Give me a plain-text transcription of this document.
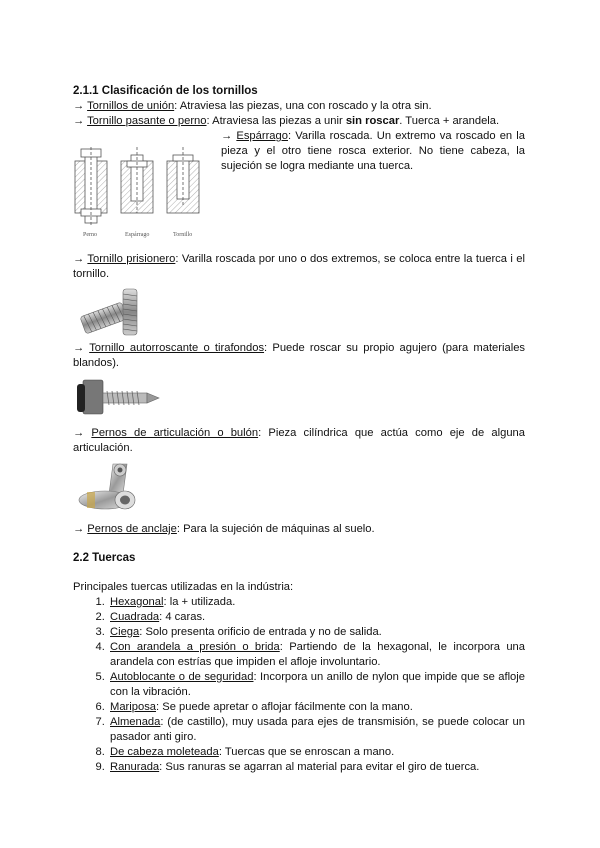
2.1.1 Clasificación de los tornillos

→ Tornillos de unión: Atraviesa las piezas, una con roscado y la otra sin.

→ Tornillo pasante o perno: Atraviesa las piezas a unir sin roscar. Tuerca + arandela.

Perno	Espárrago	Tornillo

→ Espárrago: Varilla roscada. Un extremo va roscado en la pieza y el otro tiene rosca exterior. No tiene cabeza, la sujeción se logra mediante una tuerca.

→ Tornillo prisionero: Varilla roscada por uno o dos extremos, se coloca entre la tuerca i el tornillo.

→ Tornillo autorroscante o tirafondos: Puede roscar su propio agujero (para materiales blandos).

→ Pernos de articulación o bulón: Pieza cilíndrica que actúa como eje de alguna articulación.

→ Pernos de anclaje: Para la sujeción de máquinas al suelo.

2.2 Tuercas

Principales tuercas utilizadas en la indústria:

1. Hexagonal: la + utilizada.
2. Cuadrada: 4 caras.
3. Ciega: Solo presenta orificio de entrada y no de salida.
4. Con arandela a presión o brida: Partiendo de la hexagonal, le incorpora una arandela con estrías que impiden el afloje involuntario.
5. Autoblocante o de seguridad: Incorpora un anillo de nylon que impide que se afloje con la vibración.
6. Mariposa: Se puede apretar o aflojar fácilmente con la mano.
7. Almenada: (de castillo), muy usada para ejes de transmisión, se puede colocar un pasador anti giro.
8. De cabeza moleteada: Tuercas que se enroscan a mano.
9. Ranurada: Sus ranuras se agarran al material para evitar el giro de tuerca.
